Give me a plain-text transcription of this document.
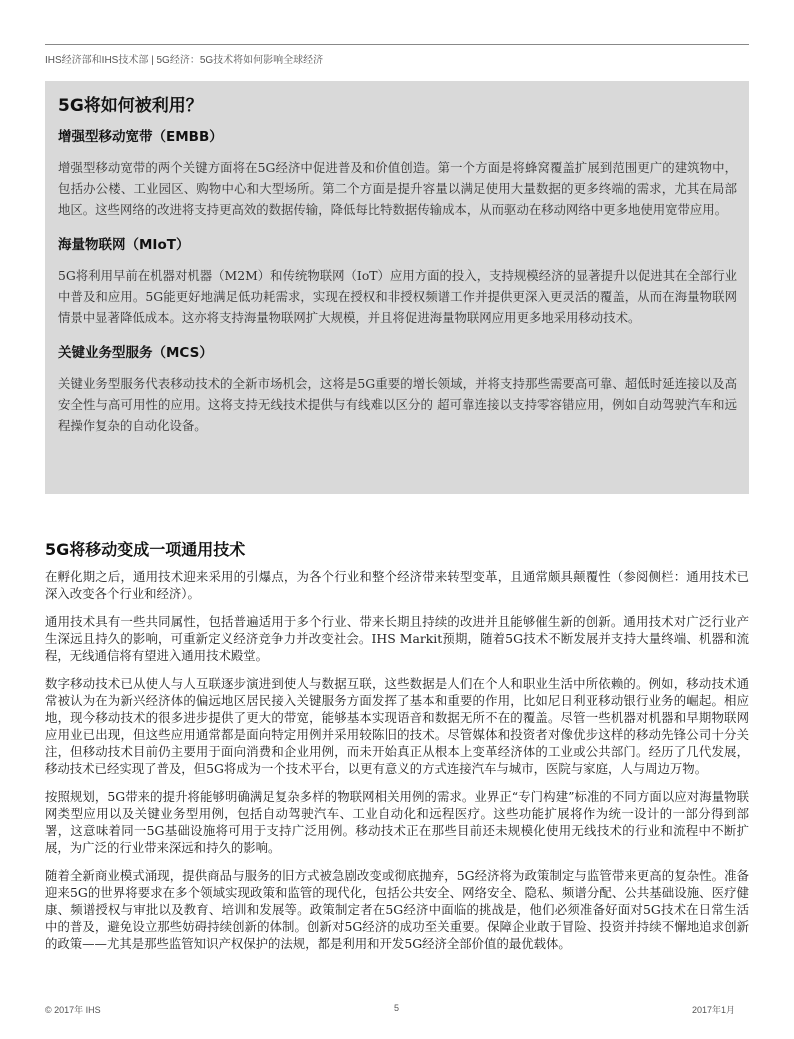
IHS经济部和IHS技术部 | 5G经济：5G技术将如何影响全球经济
5G将如何被利用？
增强型移动宽带（EMBB）

增强型移动宽带的两个关键方面将在5G经济中促进普及和价值创造。第一个方面是将蜂窝覆盖扩展到范围更广的建筑物中，包括办公楼、工业园区、购物中心和大型场所。第二个方面是提升容量以满足使用大量数据的更多终端的需求，尤其在局部地区。这些网络的改进将支持更高效的数据传输，降低每比特数据传输成本，从而驱动在移动网络中更多地使用宽带应用。

海量物联网（MIoT）

5G将利用早前在机器对机器（M2M）和传统物联网（IoT）应用方面的投入，支持规模经济的显著提升以促进其在全部行业中普及和应用。5G能更好地满足低功耗需求，实现在授权和非授权频谱工作并提供更深入更灵活的覆盖，从而在海量物联网情景中显著降低成本。这亦将支持海量物联网扩大规模，并且将促进海量物联网应用更多地采用移动技术。

关键业务型服务（MCS）

关键业务型服务代表移动技术的全新市场机会，这将是5G重要的增长领域，并将支持那些需要高可靠、超低时延连接以及高安全性与高可用性的应用。这将支持无线技术提供与有线难以区分的 超可靠连接以支持零容错应用，例如自动驾驶汽车和远程操作复杂的自动化设备。

5G将移动变成一项通用技术

在孵化期之后，通用技术迎来采用的引爆点，为各个行业和整个经济带来转型变革，且通常颇具颠覆性（参阅侧栏：通用技术已深入改变各个行业和经济）。

通用技术具有一些共同属性，包括普遍适用于多个行业、带来长期且持续的改进并且能够催生新的创新。通用技术对广泛行业产生深远且持久的影响，可重新定义经济竞争力并改变社会。IHS Markit预期，随着5G技术不断发展并支持大量终端、机器和流程，无线通信将有望进入通用技术殿堂。

数字移动技术已从使人与人互联逐步演进到使人与数据互联，这些数据是人们在个人和职业生活中所依赖的。例如，移动技术通常被认为在为新兴经济体的偏远地区居民接入关键服务方面发挥了基本和重要的作用，比如尼日利亚移动银行业务的崛起。相应地，现今移动技术的很多进步提供了更大的带宽，能够基本实现语音和数据无所不在的覆盖。尽管一些机器对机器和早期物联网应用业已出现，但这些应用通常都是面向特定用例并采用较陈旧的技术。尽管媒体和投资者对像优步这样的移动先锋公司十分关注，但移动技术目前仍主要用于面向消费和企业用例，而未开始真正从根本上变革经济体的工业或公共部门。经历了几代发展，移动技术已经实现了普及，但5G将成为一个技术平台，以更有意义的方式连接汽车与城市，医院与家庭，人与周边万物。

按照规划，5G带来的提升将能够明确满足复杂多样的物联网相关用例的需求。业界正“专门构建”标准的不同方面以应对海量物联网类型应用以及关键业务型用例，包括自动驾驶汽车、工业自动化和远程医疗。这些功能扩展将作为统一设计的一部分得到部署，这意味着同一5G基础设施将可用于支持广泛用例。移动技术正在那些目前还未规模化使用无线技术的行业和流程中不断扩展，为广泛的行业带来深远和持久的影响。

随着全新商业模式涌现，提供商品与服务的旧方式被急剧改变或彻底抛弃，5G经济将为政策制定与监管带来更高的复杂性。准备迎来5G的世界将要求在多个领域实现政策和监管的现代化，包括公共安全、网络安全、隐私、频谱分配、公共基础设施、医疗健康、频谱授权与审批以及教育、培训和发展等。政策制定者在5G经济中面临的挑战是，他们必须准备好面对5G技术在日常生活中的普及，避免设立那些妨碍持续创新的体制。创新对5G经济的成功至关重要。保障企业敢于冒险、投资并持续不懈地追求创新的政策——尤其是那些监管知识产权保护的法规，都是利用和开发5G经济全部价值的最优载体。

© 2017年 IHS	5	2017年1月
